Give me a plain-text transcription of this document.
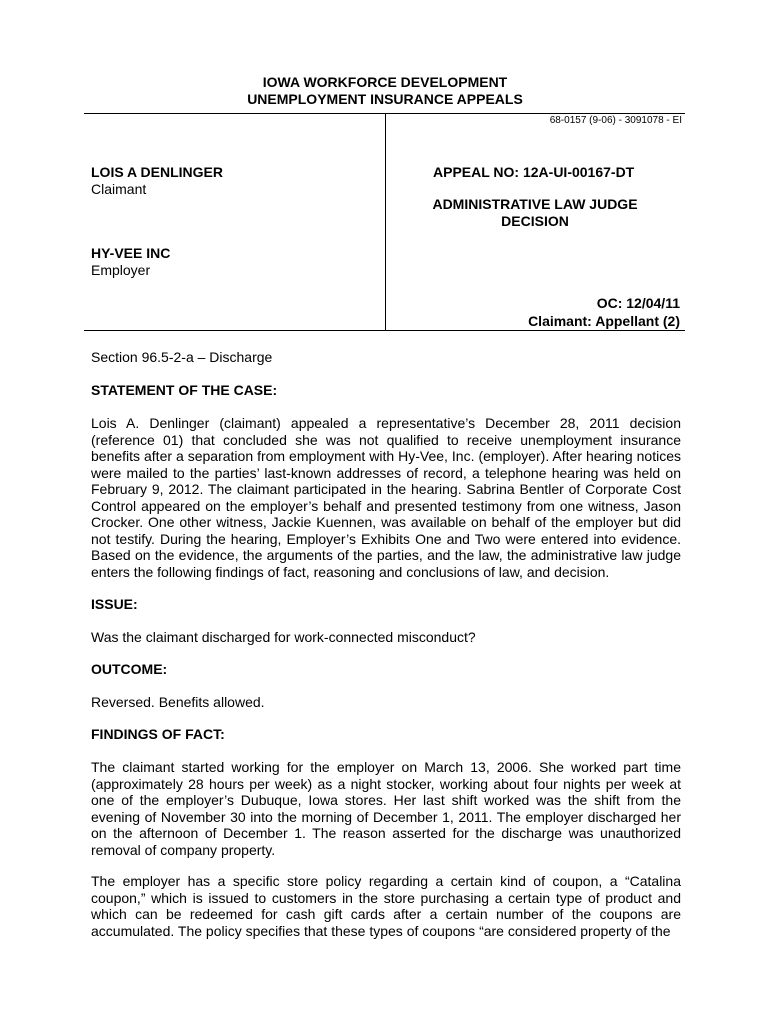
IOWA WORKFORCE DEVELOPMENT
UNEMPLOYMENT INSURANCE APPEALS
68-0157 (9-06) - 3091078 - EI
LOIS A DENLINGER
Claimant
HY-VEE INC
Employer
APPEAL NO: 12A-UI-00167-DT
ADMINISTRATIVE LAW JUDGE
DECISION
OC: 12/04/11
Claimant: Appellant (2)
Section 96.5-2-a – Discharge
STATEMENT OF THE CASE:
Lois A. Denlinger (claimant) appealed a representative’s December 28, 2011 decision (reference 01) that concluded she was not qualified to receive unemployment insurance benefits after a separation from employment with Hy-Vee, Inc. (employer). After hearing notices were mailed to the parties’ last-known addresses of record, a telephone hearing was held on February 9, 2012. The claimant participated in the hearing. Sabrina Bentler of Corporate Cost Control appeared on the employer’s behalf and presented testimony from one witness, Jason Crocker. One other witness, Jackie Kuennen, was available on behalf of the employer but did not testify. During the hearing, Employer’s Exhibits One and Two were entered into evidence. Based on the evidence, the arguments of the parties, and the law, the administrative law judge enters the following findings of fact, reasoning and conclusions of law, and decision.
ISSUE:
Was the claimant discharged for work-connected misconduct?
OUTCOME:
Reversed. Benefits allowed.
FINDINGS OF FACT:
The claimant started working for the employer on March 13, 2006. She worked part time (approximately 28 hours per week) as a night stocker, working about four nights per week at one of the employer’s Dubuque, Iowa stores. Her last shift worked was the shift from the evening of November 30 into the morning of December 1, 2011. The employer discharged her on the afternoon of December 1. The reason asserted for the discharge was unauthorized removal of company property.
The employer has a specific store policy regarding a certain kind of coupon, a “Catalina coupon,” which is issued to customers in the store purchasing a certain type of product and which can be redeemed for cash gift cards after a certain number of the coupons are accumulated. The policy specifies that these types of coupons “are considered property of the
